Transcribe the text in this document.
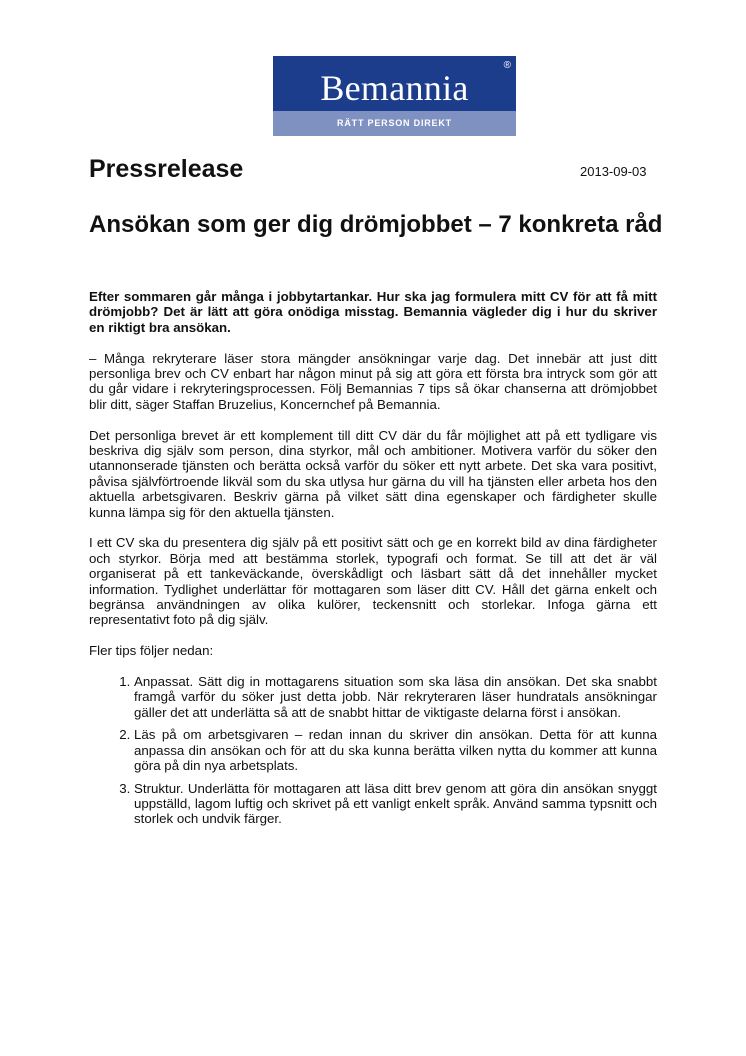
Bemannia
®
RÄTT PERSON DIREKT
Pressrelease	2013-09-03
Ansökan som ger dig drömjobbet – 7 konkreta råd

Efter sommaren går många i jobbytartankar. Hur ska jag formulera mitt CV för att få mitt drömjobb? Det är lätt att göra onödiga misstag. Bemannia vägleder dig i hur du skriver en riktigt bra ansökan.

– Många rekryterare läser stora mängder ansökningar varje dag. Det innebär att just ditt personliga brev och CV enbart har någon minut på sig att göra ett första bra intryck som gör att du går vidare i rekryteringsprocessen. Följ Bemannias 7 tips så ökar chanserna att drömjobbet blir ditt, säger Staffan Bruzelius, Koncernchef på Bemannia.

Det personliga brevet är ett komplement till ditt CV där du får möjlighet att på ett tydligare vis beskriva dig själv som person, dina styrkor, mål och ambitioner. Motivera varför du söker den utannonserade tjänsten och berätta också varför du söker ett nytt arbete. Det ska vara positivt, påvisa självförtroende likväl som du ska utlysa hur gärna du vill ha tjänsten eller arbeta hos den aktuella arbetsgivaren. Beskriv gärna på vilket sätt dina egenskaper och färdigheter skulle kunna lämpa sig för den aktuella tjänsten.

I ett CV ska du presentera dig själv på ett positivt sätt och ge en korrekt bild av dina färdigheter och styrkor. Börja med att bestämma storlek, typografi och format. Se till att det är väl organiserat på ett tankeväckande, överskådligt och läsbart sätt då det innehåller mycket information. Tydlighet underlättar för mottagaren som läser ditt CV. Håll det gärna enkelt och begränsa användningen av olika kulörer, teckensnitt och storlekar. Infoga gärna ett representativt foto på dig själv.

Fler tips följer nedan:

1. Anpassat. Sätt dig in mottagarens situation som ska läsa din ansökan. Det ska snabbt framgå varför du söker just detta jobb. När rekryteraren läser hundratals ansökningar gäller det att underlätta så att de snabbt hittar de viktigaste delarna först i ansökan.
2. Läs på om arbetsgivaren – redan innan du skriver din ansökan. Detta för att kunna anpassa din ansökan och för att du ska kunna berätta vilken nytta du kommer att kunna göra på din nya arbetsplats.
3. Struktur. Underlätta för mottagaren att läsa ditt brev genom att göra din ansökan snyggt uppställd, lagom luftig och skrivet på ett vanligt enkelt språk. Använd samma typsnitt och storlek och undvik färger.
